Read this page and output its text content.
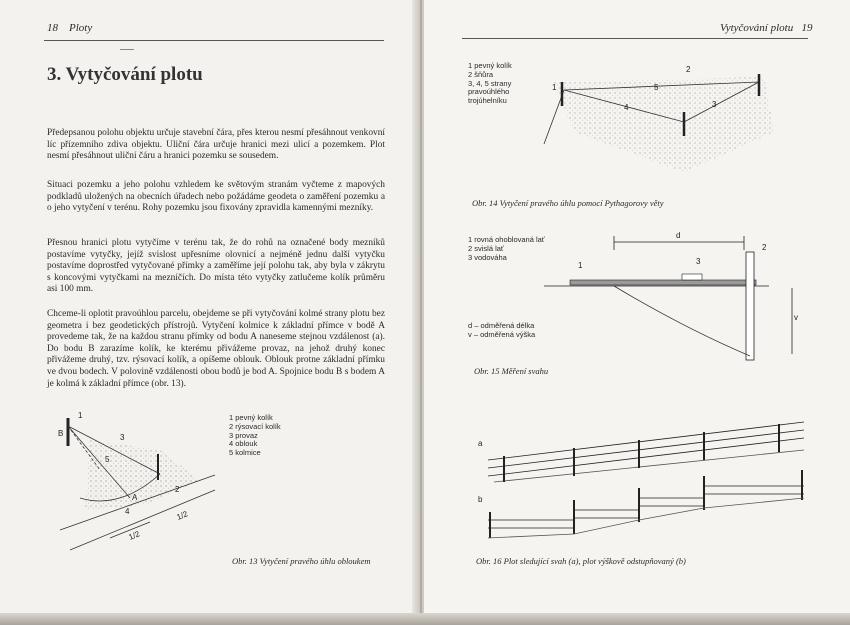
18 Ploty
3. Vytyčování plotu

Předepsanou polohu objektu určuje stavební čára, přes kterou nesmí přesáhnout venkovní líc přízemního zdiva objektu. Uliční čára určuje hranici mezi ulicí a pozemkem. Plot nesmí přesáhnout uliční čáru a hranici pozemku se sousedem.

Situaci pozemku a jeho polohu vzhledem ke světovým stranám vyčteme z mapových podkladů uložených na obecních úřadech nebo požádáme geodeta o zaměření pozemku a o jeho vytyčení v terénu. Rohy pozemku jsou fixovány zpravidla kamennými mezníky.

Přesnou hranici plotu vytyčíme v terénu tak, že do rohů na označené body mezníků postavíme vytyčky, jejíž svislost upřesníme olovnicí a nejméně jednu další vytyčku postavíme doprostřed vytyčované přímky a zaměříme její polohu tak, aby byla v zákrytu s koncovými vytyčkami na mezníčích. Do místa této vytyčky zatlučeme kolík průměru asi 100 mm.

Chceme-li oplotit pravoúhlou parcelu, obejdeme se při vytyčování kolmé strany plotu bez geometra i bez geodetických přístrojů. Vytyčení kolmice k základní přímce v bodě A provedeme tak, že na každou stranu přímky od bodu A naneseme stejnou vzdálenost (a). Do bodu B zarazíme kolík, ke kterému přivážeme provaz, na jehož druhý konec přivážeme druhý, tzv. rýsovací kolík, a opíšeme oblouk. Oblouk protne základní přímku ve dvou bodech. V polovině vzdálenosti obou bodů je bod A. Spojnice bodu B s bodem A je kolmá k základní přímce (obr. 13).

B
1
3
5
A
2
4
1/2
1/2
1 pevný kolík
2 rýsovací kolík
3 provaz
4 oblouk
5 kolmice
Obr. 13 Vytyčení pravého úhlu obloukem
Vytyčování plotu 19
1 pevný kolík
2 šňůra
3, 4, 5 strany
pravoúhlého
trojúhelníku
1
2
3
4
5
Obr. 14 Vytyčení pravého úhlu pomocí Pythagorovy věty
1 rovná ohoblovaná lať
2 svislá lať
3 vodováha
d
v
1
2
3
d – odměřená délka
v – odměřená výška
Obr. 15 Měření svahu
a
b
Obr. 16 Plot sledující svah (a), plot výškově odstupňovaný (b)
